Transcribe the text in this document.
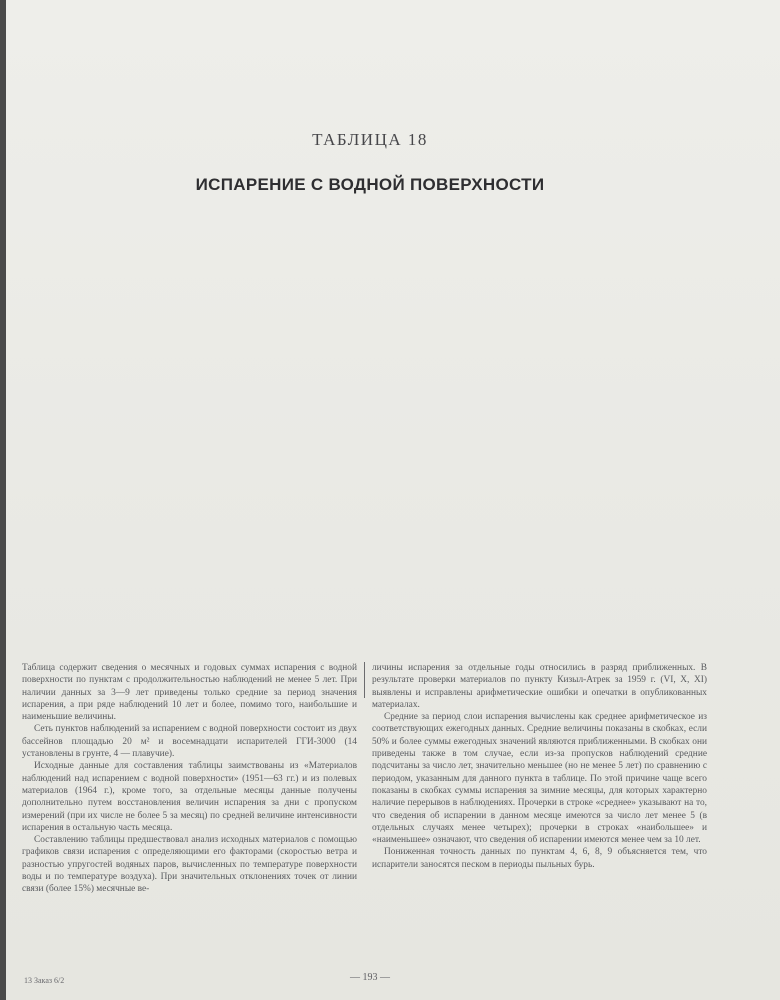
ТАБЛИЦА 18
ИСПАРЕНИЕ С ВОДНОЙ ПОВЕРХНОСТИ

Таблица содержит сведения о месячных и годовых суммах испарения с водной поверхности по пунктам с продолжительностью наблюдений не менее 5 лет. При наличии данных за 3—9 лет приведены только средние за период значения испарения, а при ряде наблюдений 10 лет и более, помимо того, наибольшие и наименьшие величины.

Сеть пунктов наблюдений за испарением с водной поверхности состоит из двух бассейнов площадью 20 м² и восемнадцати испарителей ГГИ-3000 (14 установлены в грунте, 4 — плавучие).

Исходные данные для составления таблицы заимствованы из «Материалов наблюдений над испарением с водной поверхности» (1951—63 гг.) и из полевых материалов (1964 г.), кроме того, за отдельные месяцы данные получены дополнительно путем восстановления величин испарения за дни с пропуском измерений (при их числе не более 5 за месяц) по средней величине интенсивности испарения в остальную часть месяца.

Составлению таблицы предшествовал анализ исходных материалов с помощью графиков связи испарения с определяющими его факторами (скоростью ветра и разностью упругостей водяных паров, вычисленных по температуре поверхности воды и по температуре воздуха). При значительных отклонениях точек от линии связи (более 15%) месячные ве-

личины испарения за отдельные годы относились в разряд приближенных. В результате проверки материалов по пункту Кизыл-Атрек за 1959 г. (VI, X, XI) выявлены и исправлены арифметические ошибки и опечатки в опубликованных материалах.

Средние за период слои испарения вычислены как среднее арифметическое из соответствующих ежегодных данных. Средние величины показаны в скобках, если 50% и более суммы ежегодных значений являются приближенными. В скобках они приведены также в том случае, если из-за пропусков наблюдений средние подсчитаны за число лет, значительно меньшее (но не менее 5 лет) по сравнению с периодом, указанным для данного пункта в таблице. По этой причине чаще всего показаны в скобках суммы испарения за зимние месяцы, для которых характерно наличие перерывов в наблюдениях. Прочерки в строке «среднее» указывают на то, что сведения об испарении в данном месяце имеются за число лет менее 5 (в отдельных случаях менее четырех); прочерки в строках «наибольшее» и «наименьшее» означают, что сведения об испарении имеются менее чем за 10 лет.

Пониженная точность данных по пунктам 4, 6, 8, 9 объясняется тем, что испарители заносятся песком в периоды пыльных бурь.

13 Заказ 6/2	— 193 —
